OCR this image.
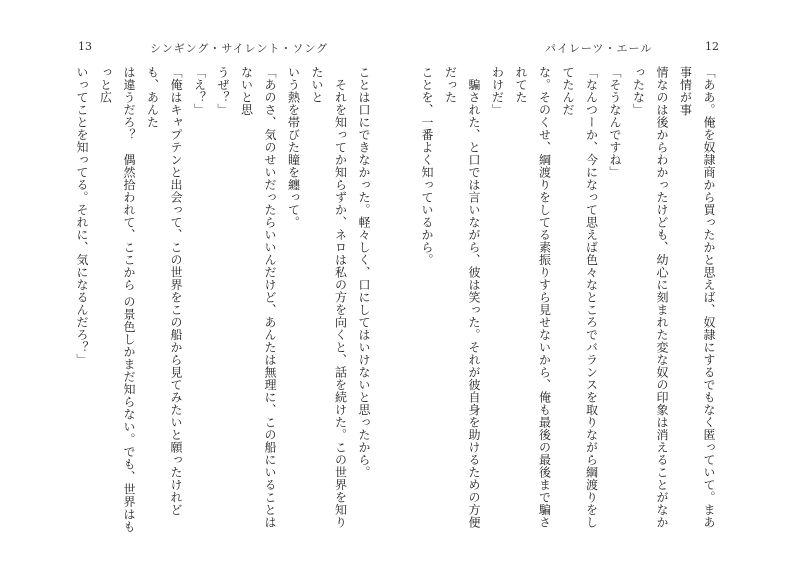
12
パイレーツ・エール

「ああ。俺を奴隷商から買ったかと思えば、奴隷にするでもなく匿っていて。まあ事情が事

情なのは後からわかったけども、幼心に刻まれた変な奴の印象は消えることがなかったな」

「そうなんですね」

「なんつーか、今になって思えば色々なところでバランスを取りながら綱渡りをしてたんだ

な。そのくせ、綱渡りをしてる素振りすら見せないから、俺も最後の最後まで騙されてた

わけだ」

　騙された、と口では言いながら、彼は笑った。それが彼自身を助けるための方便だった

ことを、一番よく知っているから。

13	シンギング・サイレント・ソング

ことは口にできなかった。軽々しく、口にしてはいけないと思ったから。

　それを知ってか知らずか、ネロは私の方を向くと、話を続けた。この世界を知りたいと

いう熱を帯びた瞳を纏って。

「あのさ、気のせいだったらいいんだけど、あんたは無理に、この船にいることはないと思

うぜ？」

「え？」

「俺はキャプテンと出会って、この世界をこの船から見てみたいと願ったけれども、あんた

は違うだろ？　偶然拾われて、ここから の景色しかまだ知らない。でも、世界はもっと広

いってことを知ってる。それに、気になるんだろ？」
